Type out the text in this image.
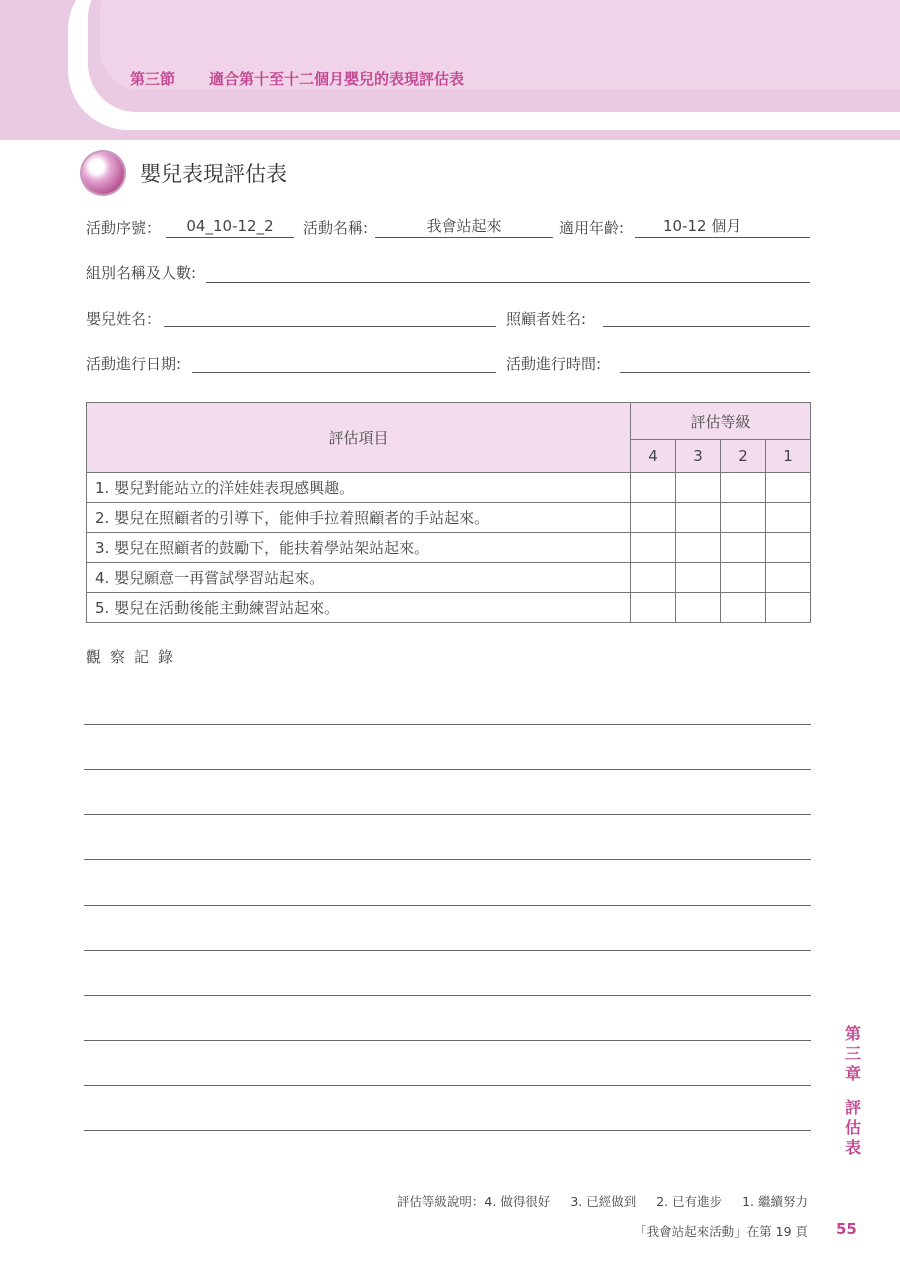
第三節 適合第十至十二個月嬰兒的表現評估表
嬰兒表現評估表
活動序號：	04_10-12_2	活動名稱:	我會站起來	適用年齡:	10-12 個月
組別名稱及人數:
嬰兒姓名：	照顧者姓名:
活動進行日期:	活動進行時間:
評估項目	評估等級			
	4	3	2	1
1. 嬰兒對能站立的洋娃娃表現感興趣。				
2. 嬰兒在照顧者的引導下，能伸手拉着照顧者的手站起來。				
3. 嬰兒在照顧者的鼓勵下，能扶着學站架站起來。				
4. 嬰兒願意一再嘗試學習站起來。				
5. 嬰兒在活動後能主動練習站起來。				
觀察記錄
第
三
章
評
估
表
評估等級說明：4. 做得很好 3. 已經做到 2. 已有進步 1. 繼續努力
「我會站起來活動」在第 19 頁 55
